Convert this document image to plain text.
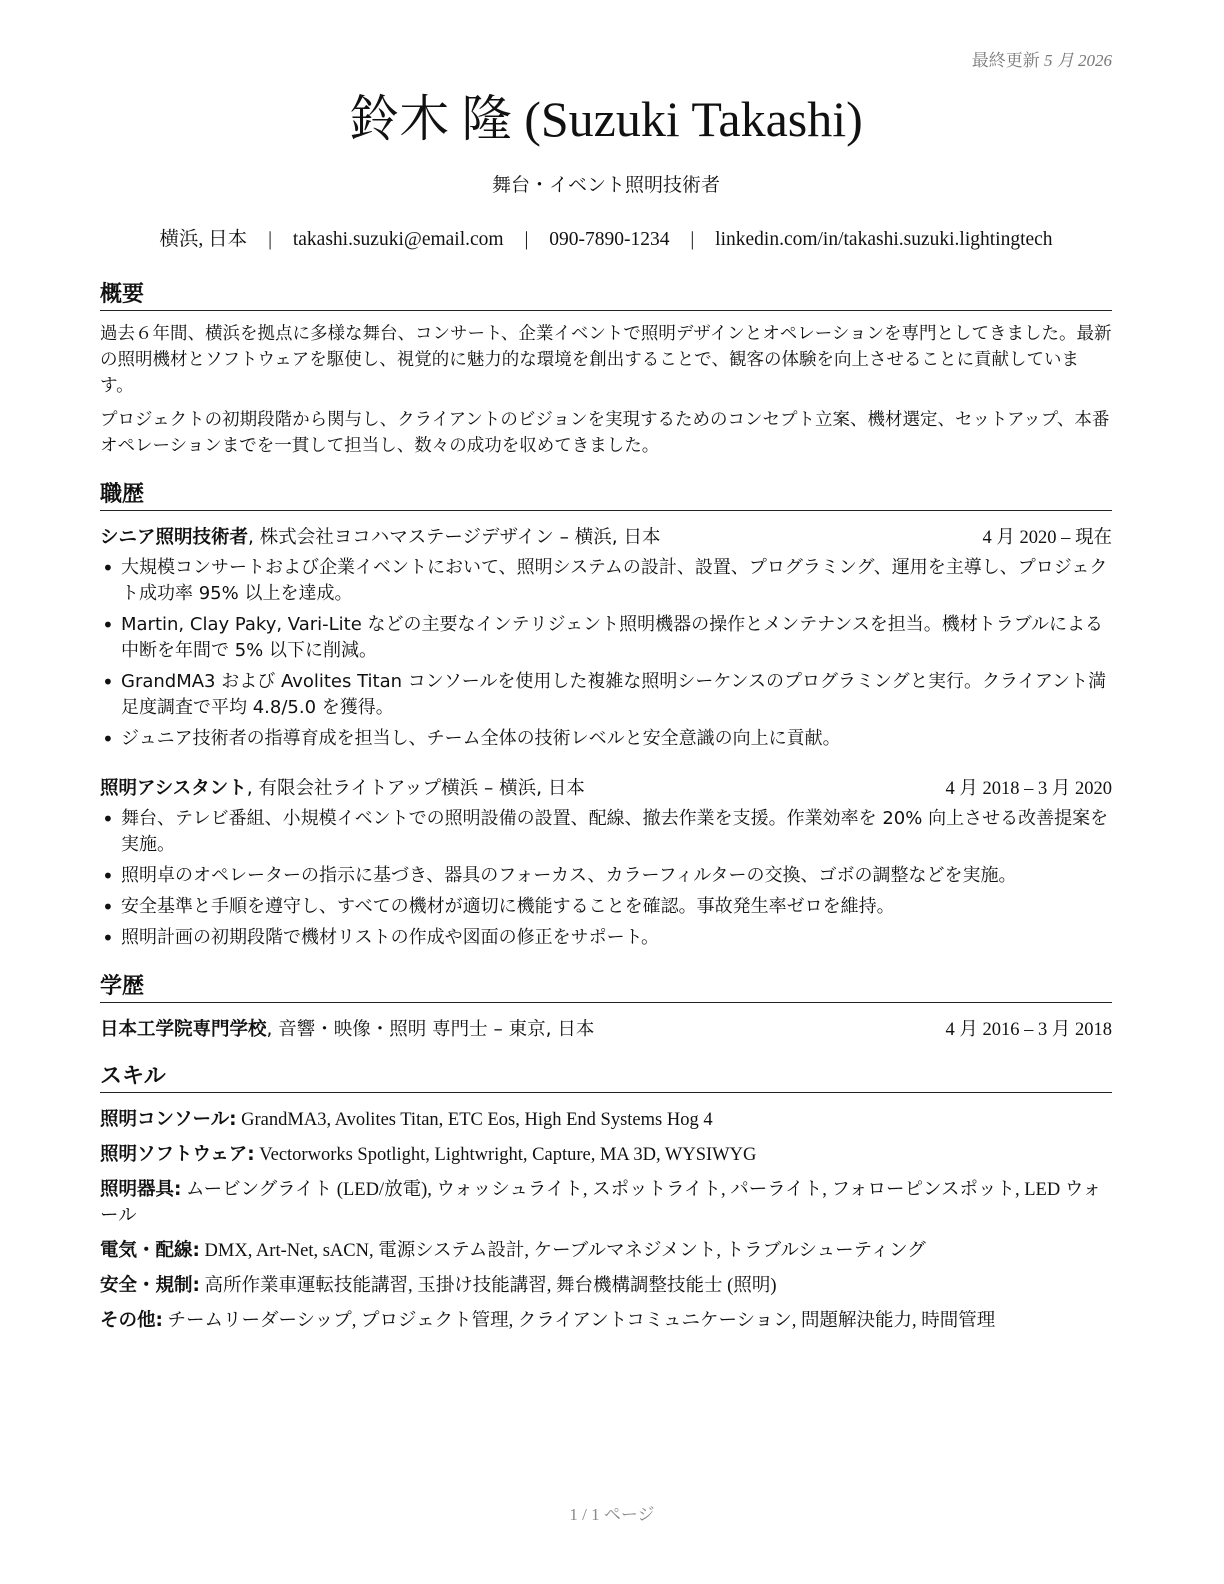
最終更新 5 月 2026
鈴木 隆 (Suzuki Takashi)
舞台・イベント照明技術者
横浜, 日本 | takashi.suzuki@email.com | 090-7890-1234 | linkedin.com/in/takashi.suzuki.lightingtech
概要

過去６年間、横浜を拠点に多様な舞台、コンサート、企業イベントで照明デザインとオペレーションを専門としてきました。最新の照明機材とソフトウェアを駆使し、視覚的に魅力的な環境を創出することで、観客の体験を向上させることに貢献しています。

プロジェクトの初期段階から関与し、クライアントのビジョンを実現するためのコンセプト立案、機材選定、セットアップ、本番オペレーションまでを一貫して担当し、数々の成功を収めてきました。

職歴
シニア照明技術者, 株式会社ヨコハマステージデザイン – 横浜, 日本	4 月 2020 – 現在
• 大規模コンサートおよび企業イベントにおいて、照明システムの設計、設置、プログラミング、運用を主導し、プロジェクト成功率 95% 以上を達成。
• Martin, Clay Paky, Vari-Lite などの主要なインテリジェント照明機器の操作とメンテナンスを担当。機材トラブルによる中断を年間で 5% 以下に削減。
• GrandMA3 および Avolites Titan コンソールを使用した複雑な照明シーケンスのプログラミングと実行。クライアント満足度調査で平均 4.8/5.0 を獲得。
• ジュニア技術者の指導育成を担当し、チーム全体の技術レベルと安全意識の向上に貢献。
照明アシスタント, 有限会社ライトアップ横浜 – 横浜, 日本	4 月 2018 – 3 月 2020
• 舞台、テレビ番組、小規模イベントでの照明設備の設置、配線、撤去作業を支援。作業効率を 20% 向上させる改善提案を実施。
• 照明卓のオペレーターの指示に基づき、器具のフォーカス、カラーフィルターの交換、ゴボの調整などを実施。
• 安全基準と手順を遵守し、すべての機材が適切に機能することを確認。事故発生率ゼロを維持。
• 照明計画の初期段階で機材リストの作成や図面の修正をサポート。
学歴
日本工学院専門学校, 音響・映像・照明 専門士 – 東京, 日本	4 月 2016 – 3 月 2018
スキル
照明コンソール: GrandMA3, Avolites Titan, ETC Eos, High End Systems Hog 4
照明ソフトウェア: Vectorworks Spotlight, Lightwright, Capture, MA 3D, WYSIWYG
照明器具: ムービングライト (LED/放電), ウォッシュライト, スポットライト, パーライト, フォローピンスポット, LED ウォール
電気・配線: DMX, Art-Net, sACN, 電源システム設計, ケーブルマネジメント, トラブルシューティング
安全・規制: 高所作業車運転技能講習, 玉掛け技能講習, 舞台機構調整技能士 (照明)
その他: チームリーダーシップ, プロジェクト管理, クライアントコミュニケーション, 問題解決能力, 時間管理
1 / 1 ページ
